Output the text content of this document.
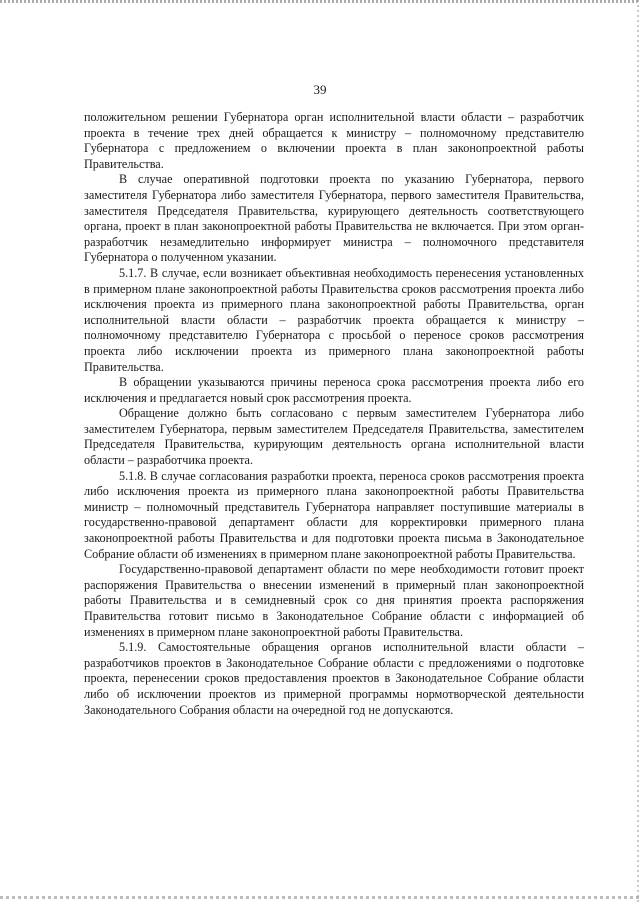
39

положительном решении Губернатора орган исполнительной власти области – разработчик проекта в течение трех дней обращается к министру – полномочному представителю Губернатора с предложением о включении проекта в план законопроектной работы Правительства.

В случае оперативной подготовки проекта по указанию Губернатора, первого заместителя Губернатора либо заместителя Губернатора, первого заместителя Правительства, заместителя Председателя Правительства, курирующего деятельность соответствующего органа, проект в план законопроектной работы Правительства не включается. При этом орган-разработчик незамедлительно информирует министра – полномочного представителя Губернатора о полученном указании.

5.1.7. В случае, если возникает объективная необходимость перенесения установленных в примерном плане законопроектной работы Правительства сроков рассмотрения проекта либо исключения проекта из примерного плана законопроектной работы Правительства, орган исполнительной власти области – разработчик проекта обращается к министру – полномочному представителю Губернатора с просьбой о переносе сроков рассмотрения проекта либо исключении проекта из примерного плана законопроектной работы Правительства.

В обращении указываются причины переноса срока рассмотрения проекта либо его исключения и предлагается новый срок рассмотрения проекта.

Обращение должно быть согласовано с первым заместителем Губернатора либо заместителем Губернатора, первым заместителем Председателя Правительства, заместителем Председателя Правительства, курирующим деятельность органа исполнительной власти области – разработчика проекта.

5.1.8. В случае согласования разработки проекта, переноса сроков рассмотрения проекта либо исключения проекта из примерного плана законопроектной работы Правительства министр – полномочный представитель Губернатора направляет поступившие материалы в государственно-правовой департамент области для корректировки примерного плана законопроектной работы Правительства и для подготовки проекта письма в Законодательное Собрание области об изменениях в примерном плане законопроектной работы Правительства.

Государственно-правовой департамент области по мере необходимости готовит проект распоряжения Правительства о внесении изменений в примерный план законопроектной работы Правительства и в семидневный срок со дня принятия проекта распоряжения Правительства готовит письмо в Законодательное Собрание области с информацией об изменениях в примерном плане законопроектной работы Правительства.

5.1.9. Самостоятельные обращения органов исполнительной власти области – разработчиков проектов в Законодательное Собрание области с предложениями о подготовке проекта, перенесении сроков предоставления проектов в Законодательное Собрание области либо об исключении проектов из примерной программы нормотворческой деятельности Законодательного Собрания области на очередной год не допускаются.
